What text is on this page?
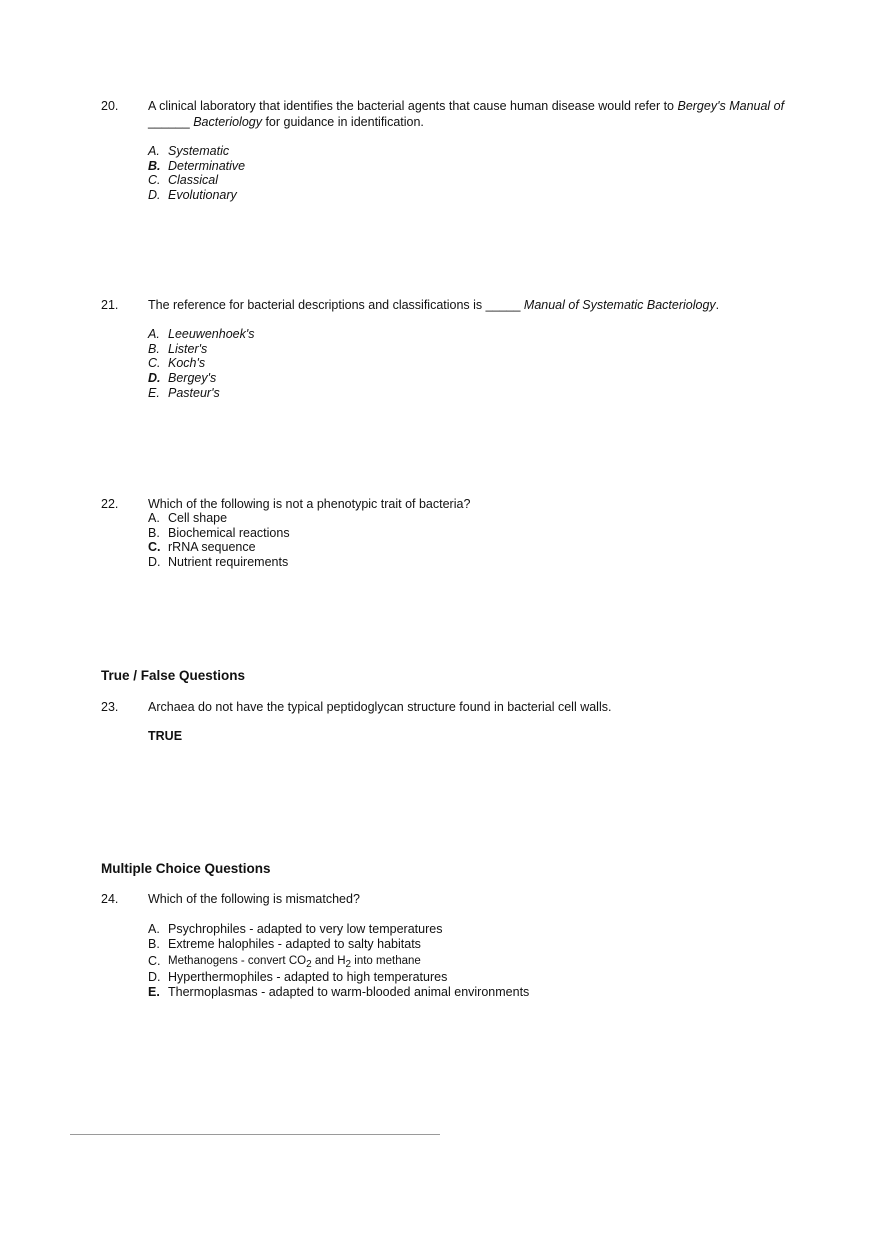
20. A clinical laboratory that identifies the bacterial agents that cause human disease would refer to Bergey's Manual of ______ Bacteriology for guidance in identification.
A. Systematic
B. Determinative
C. Classical
D. Evolutionary
21. The reference for bacterial descriptions and classifications is _____ Manual of Systematic Bacteriology.
A. Leeuwenhoek's
B. Lister's
C. Koch's
D. Bergey's
E. Pasteur's
22. Which of the following is not a phenotypic trait of bacteria?
A. Cell shape
B. Biochemical reactions
C. rRNA sequence
D. Nutrient requirements
True / False Questions
23. Archaea do not have the typical peptidoglycan structure found in bacterial cell walls.
TRUE
Multiple Choice Questions
24. Which of the following is mismatched?
A. Psychrophiles - adapted to very low temperatures
B. Extreme halophiles - adapted to salty habitats
C. Methanogens - convert CO2 and H2 into methane
D. Hyperthermophiles - adapted to high temperatures
E. Thermoplasmas - adapted to warm-blooded animal environments
